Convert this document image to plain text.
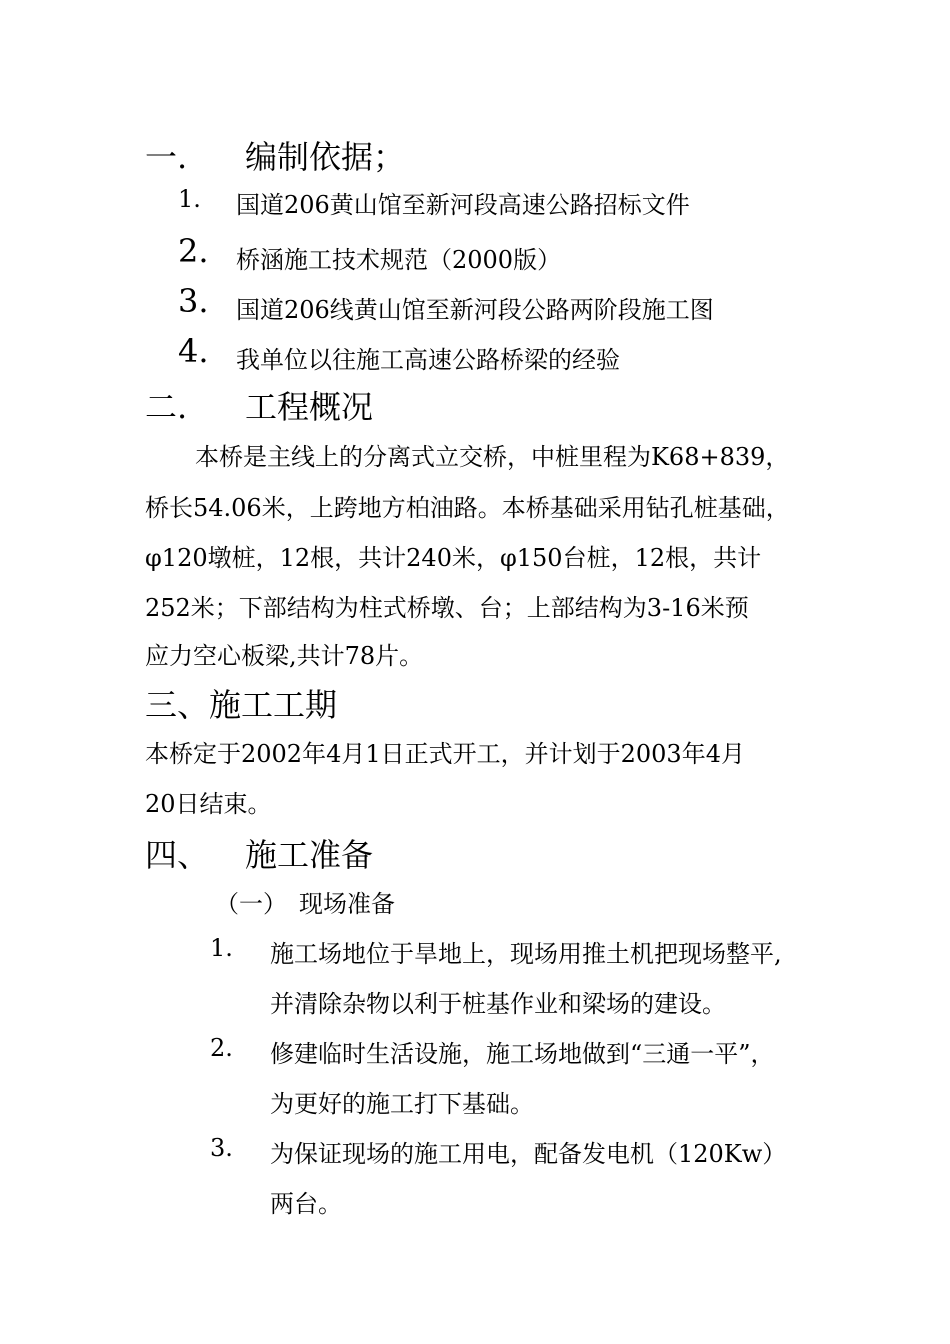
一. 编制依据；
1. 国道206黄山馆至新河段高速公路招标文件
2. 桥涵施工技术规范（2000版）
3. 国道206线黄山馆至新河段公路两阶段施工图
4. 我单位以往施工高速公路桥梁的经验
二. 工程概况
本桥是主线上的分离式立交桥，中桩里程为K68+839，
桥长54.06米，上跨地方柏油路。本桥基础采用钻孔桩基础，
φ120墩桩，12根，共计240米，φ150台桩，12根，共计
252米；下部结构为柱式桥墩、台；上部结构为3-16米预
应力空心板梁,共计78片。
三、施工工期
本桥定于2002年4月1日正式开工，并计划于2003年4月
20日结束。
四、 施工准备
（一） 现场准备
1. 施工场地位于旱地上，现场用推土机把现场整平,
并清除杂物以利于桩基作业和梁场的建设。
2. 修建临时生活设施，施工场地做到“三通一平”，
为更好的施工打下基础。
3. 为保证现场的施工用电，配备发电机（120Kw）
两台。
